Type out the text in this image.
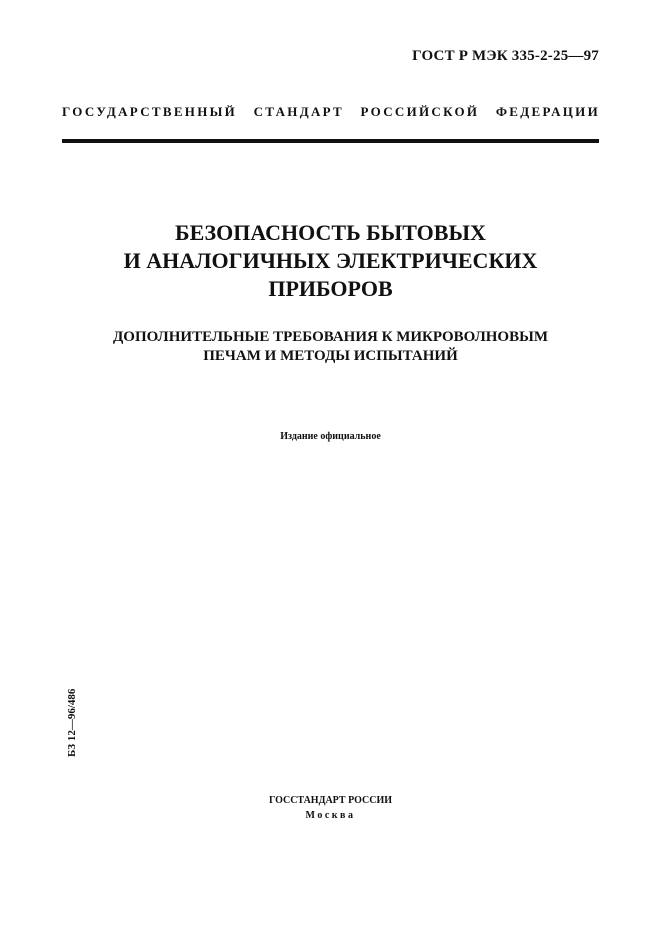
ГОСТ Р МЭК 335-2-25—97
ГОСУДАРСТВЕННЫЙ СТАНДАРТ РОССИЙСКОЙ ФЕДЕРАЦИИ
БЕЗОПАСНОСТЬ БЫТОВЫХ
И АНАЛОГИЧНЫХ ЭЛЕКТРИЧЕСКИХ
ПРИБОРОВ
ДОПОЛНИТЕЛЬНЫЕ ТРЕБОВАНИЯ К МИКРОВОЛНОВЫМ
ПЕЧАМ И МЕТОДЫ ИСПЫТАНИЙ
Издание официальное
БЗ 12—96/486
ГОССТАНДАРТ РОССИИ
Москва
